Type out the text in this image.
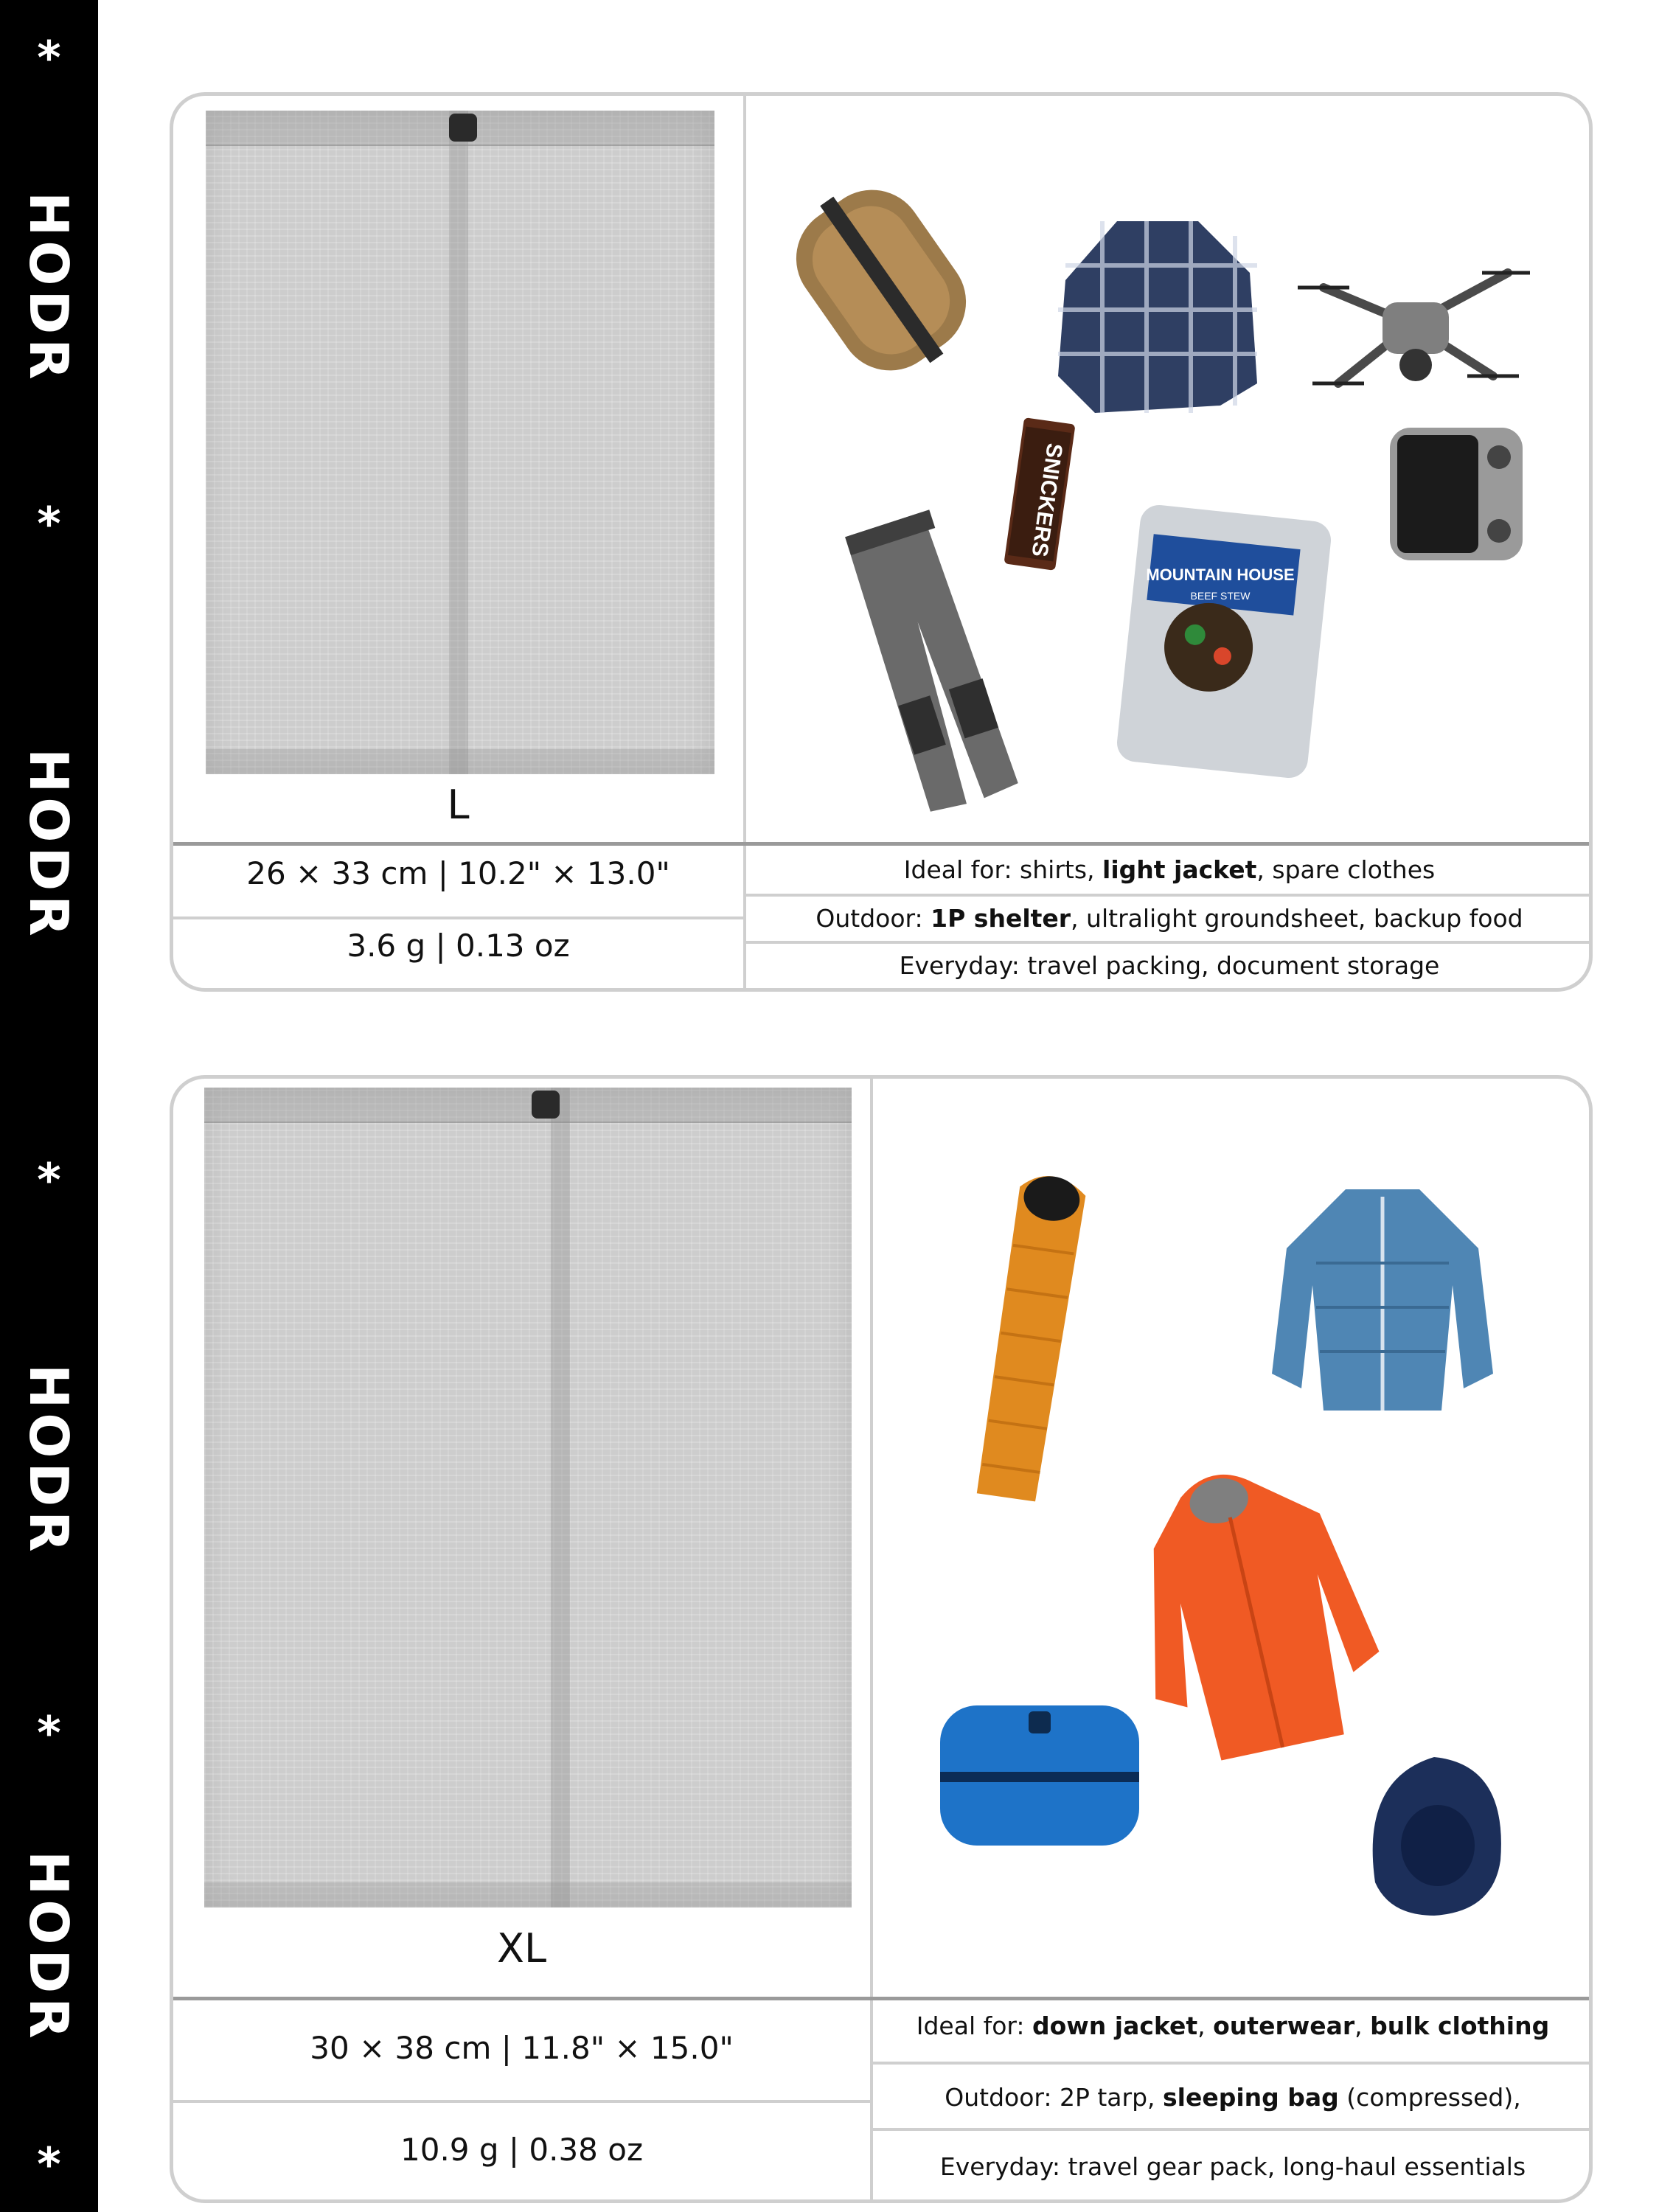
*
HODR
*
HODR
*
HODR
*
HODR
*
L
26 × 33 cm | 10.2" × 13.0"
3.6 g | 0.13 oz
Ideal for: shirts, light jacket, spare clothes
Outdoor: 1P shelter, ultralight groundsheet, backup food
Everyday: travel packing, document storage
SNICKERS
MOUNTAIN HOUSE
BEEF STEW
XL
30 × 38 cm | 11.8" × 15.0"
10.9 g | 0.38 oz
Ideal for: down jacket, outerwear, bulk clothing
Outdoor: 2P tarp, sleeping bag (compressed),
Everyday: travel gear pack, long-haul essentials
